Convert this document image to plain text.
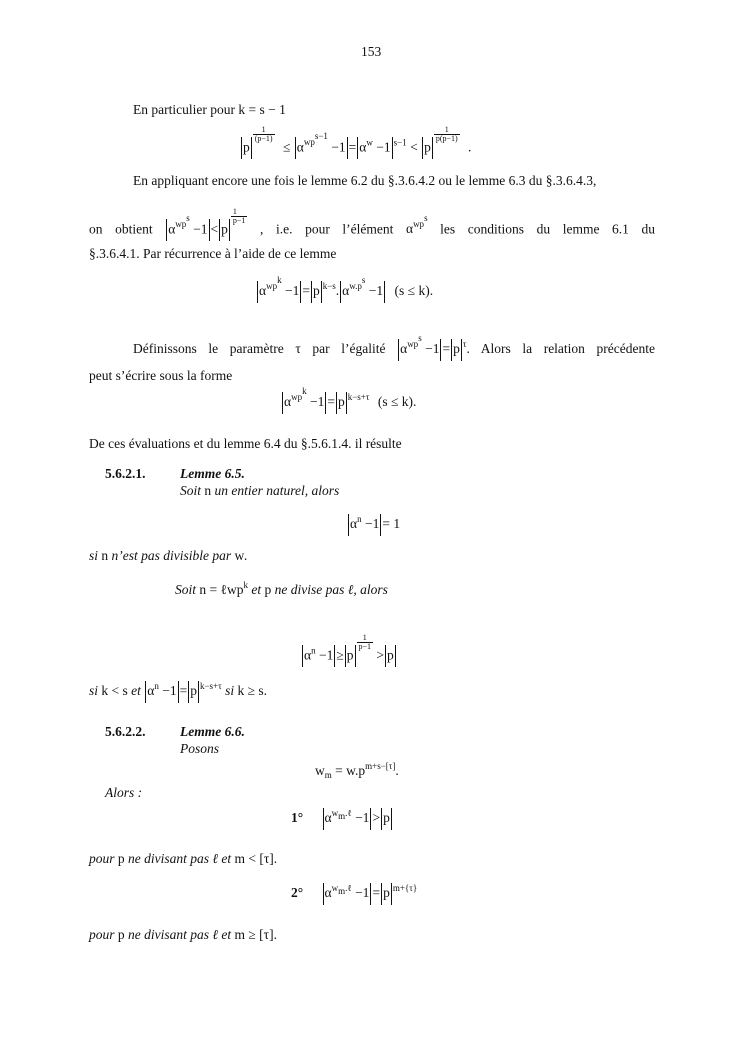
153
En particulier pour k = s − 1
p
$\frac{1}{(p-1)}$
≤ $\alpha^{wp^{s-1}} -1 = \alpha^w -1$ $^{s-1}$ < p
$\frac{1}{p(p-1)}$
.
En appliquant encore une fois le lemme 6.2 du §.3.6.4.2 ou le lemme 6.3 du §.3.6.4.3,
on obtient $\alpha^{wp^s} -1 < p$
$\frac{1}{p-1}$
, i.e. pour l’élément $\alpha^{wp^s}$ les conditions du lemme 6.1 du
§.3.6.4.1. Par récurrence à l’aide de ce lemme
$\alpha^{wp^k} -1 = p$ $^{k-s}$. $\alpha^{w.p^s} -1$ (s ≤ k).
Définissons le paramètre τ par l’égalité $\alpha^{wp^s} -1 = p$ $^\tau$. Alors la relation précédente
peut s’écrire sous la forme
$\alpha^{wp^k} -1 = p$ $^{k-s+\tau}$ (s ≤ k).
De ces évaluations et du lemme 6.4 du §.5.6.1.4. il résulte
5.6.2.1.	Lemme 6.5.
Soit n un entier naturel, alors
$\alpha^n -1 = 1$
si n n’est pas divisible par w.
Soit n = ℓwp$^k$ et p ne divise pas ℓ, alors
$\alpha^n -1 \ge p$
$\frac{1}{p-1}$
> p
si k < s et $\alpha^n -1 = p$ $^{k-s+\tau}$ si k ≥ s.
5.6.2.2.	Lemme 6.6.
Posons
$w_m = w.p^{m+s-[\tau]}$.
Alors :
1° $\alpha^{w_m.\ell} -1 > p$
pour p ne divisant pas ℓ et m < [τ].
2° $\alpha^{w_m.\ell} -1 = p$ $^{m+\{\tau\}}$
pour p ne divisant pas ℓ et m ≥ [τ].
